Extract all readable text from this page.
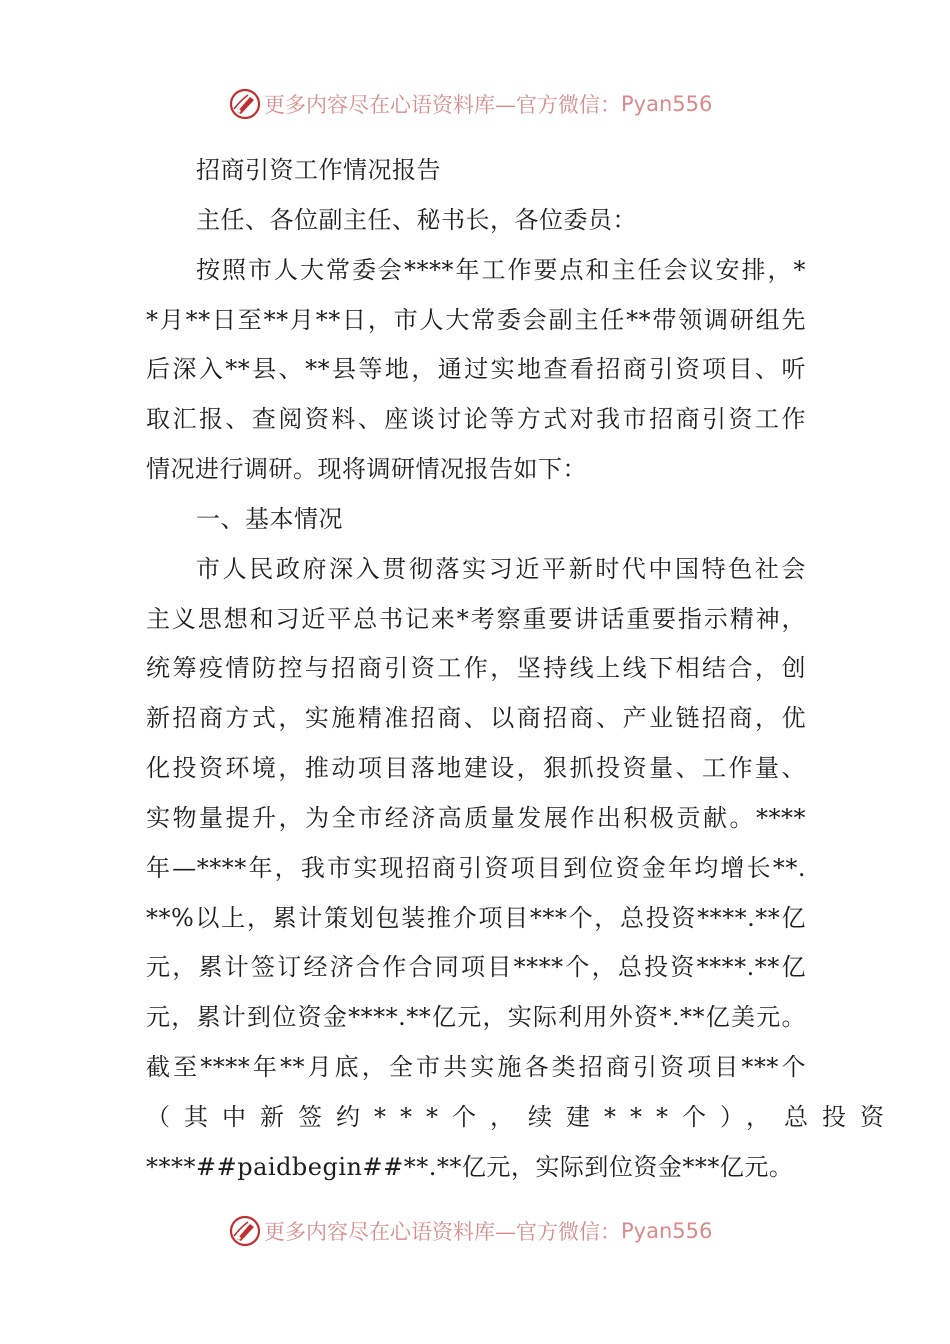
更多内容尽在心语资料库—官方微信： Pyan556
招商引资工作情况报告
主任、各位副主任、秘书长，各位委员：
按照市人大常委会****年工作要点和主任会议安排，*
*月**日至**月**日，市人大常委会副主任**带领调研组先
后深入**县、**县等地，通过实地查看招商引资项目、听
取汇报、查阅资料、座谈讨论等方式对我市招商引资工作
情况进行调研。现将调研情况报告如下：
一、基本情况
市人民政府深入贯彻落实习近平新时代中国特色社会
主义思想和习近平总书记来*考察重要讲话重要指示精神，
统筹疫情防控与招商引资工作，坚持线上线下相结合，创
新招商方式，实施精准招商、以商招商、产业链招商，优
化投资环境，推动项目落地建设，狠抓投资量、工作量、
实物量提升，为全市经济高质量发展作出积极贡献。****
年—****年，我市实现招商引资项目到位资金年均增长**.
**%以上，累计策划包装推介项目***个，总投资****.**亿
元，累计签订经济合作合同项目****个，总投资****.**亿
元，累计到位资金****.**亿元，实际利用外资*.**亿美元。
截至****年**月底，全市共实施各类招商引资项目***个
（其中新签约***个，续建***个），总投资
****##paidbegin##**.**亿元，实际到位资金***亿元。
更多内容尽在心语资料库—官方微信： Pyan556
